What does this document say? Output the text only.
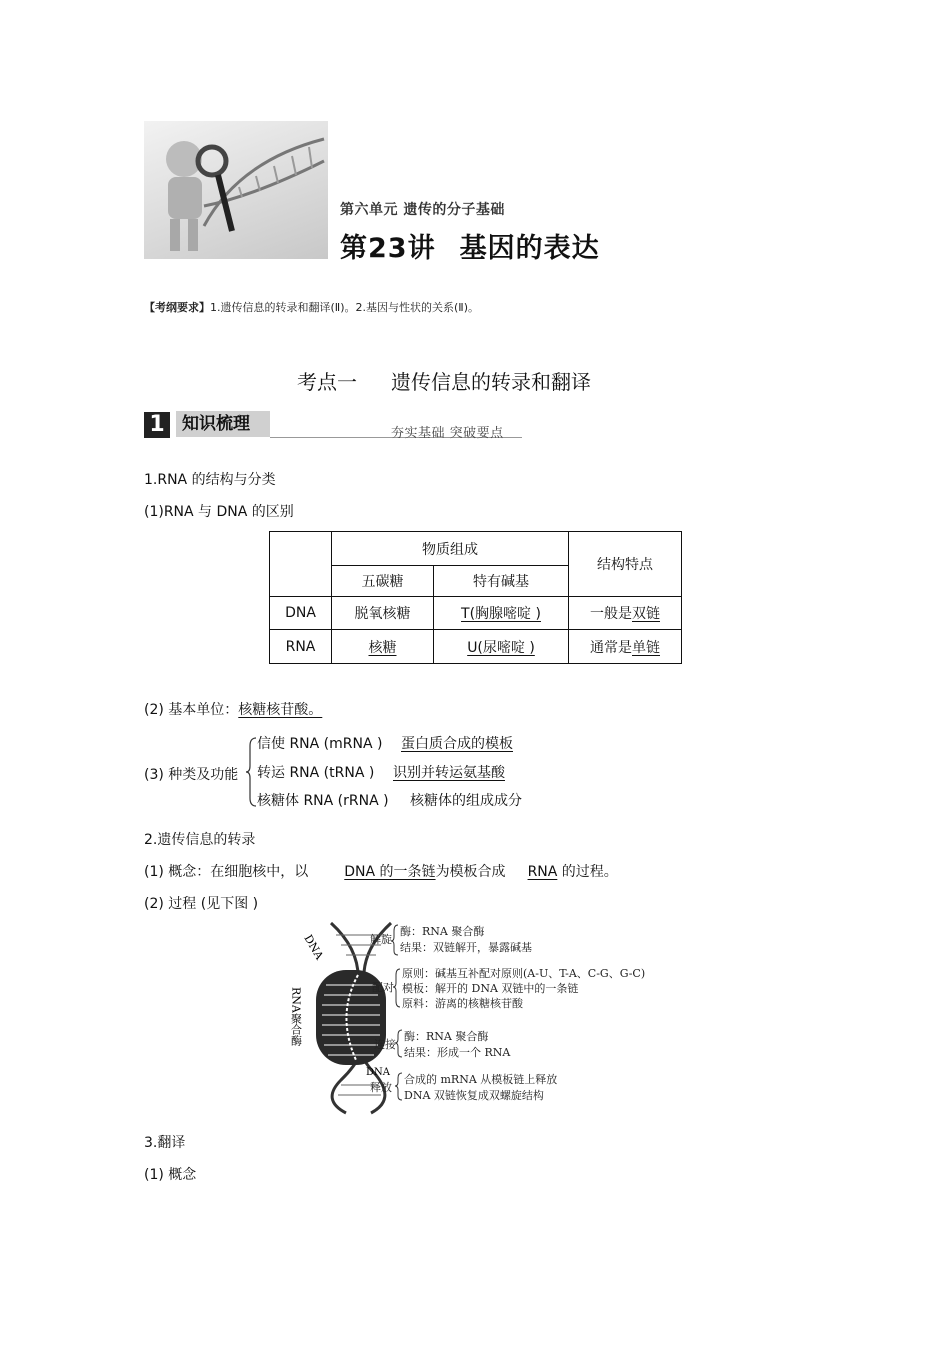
第六单元 遗传的分子基础
第23讲 基因的表达
【考纲要求】1.遗传信息的转录和翻译(Ⅱ)。2.基因与性状的关系(Ⅱ)。
考点一 遗传信息的转录和翻译
1	知识梳理	夯实基础 突破要点
1.RNA 的结构与分类
(1)RNA 与 DNA 的区别
	物质组成		结构特点
	五碳糖	特有碱基	
DNA	脱氧核糖	T(胸腺嘧啶 )	一般是双链
RNA	核糖	U(尿嘧啶 )	通常是单链
(2) 基本单位：核糖核苷酸。
(3) 种类及功能
信使 RNA (mRNA ) 蛋白质合成的模板
转运 RNA (tRNA ) 识别并转运氨基酸
核糖体 RNA (rRNA ) 核糖体的组成成分
2.遗传信息的转录
(1) 概念：在细胞核中，以	DNA 的一条链为模板合成 RNA 的过程。
(2) 过程 (见下图 )
DNA
RNA聚合酶
DNA
解旋
酶：RNA 聚合酶
结果：双链解开，暴露碱基
配对
原则：碱基互补配对原则(A-U、T-A、C-G、G-C)
模板：解开的 DNA 双链中的一条链
原料：游离的核糖核苷酸
连接
酶：RNA 聚合酶
结果：形成一个 RNA
释放
合成的 mRNA 从模板链上释放
DNA 双链恢复成双螺旋结构
3.翻译
(1) 概念
